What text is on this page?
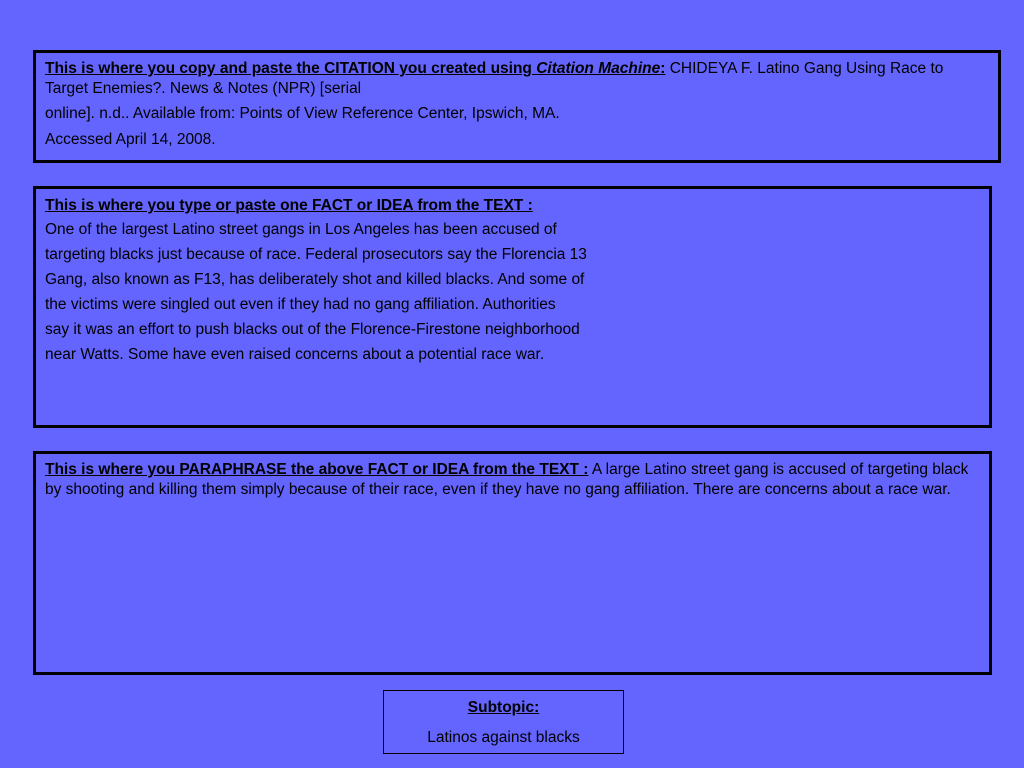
This is where you copy and paste the CITATION you created using Citation Machine: CHIDEYA F. Latino Gang Using Race to Target Enemies?. News & Notes (NPR) [serial
online]. n.d.. Available from: Points of View Reference Center, Ipswich, MA.
Accessed April 14, 2008.
This is where you type or paste one FACT or IDEA from the TEXT :
One of the largest Latino street gangs in Los Angeles has been accused of
targeting blacks just because of race. Federal prosecutors say the Florencia 13
Gang, also known as F13, has deliberately shot and killed blacks. And some of
the victims were singled out even if they had no gang affiliation. Authorities
say it was an effort to push blacks out of the Florence-Firestone neighborhood
near Watts. Some have even raised concerns about a potential race war.
This is where you PARAPHRASE the above FACT or IDEA from the TEXT : A large Latino street gang is accused of targeting black by shooting and killing them simply because of their race, even if they have no gang affiliation. There are concerns about a race war.
Subtopic:
Latinos against blacks
